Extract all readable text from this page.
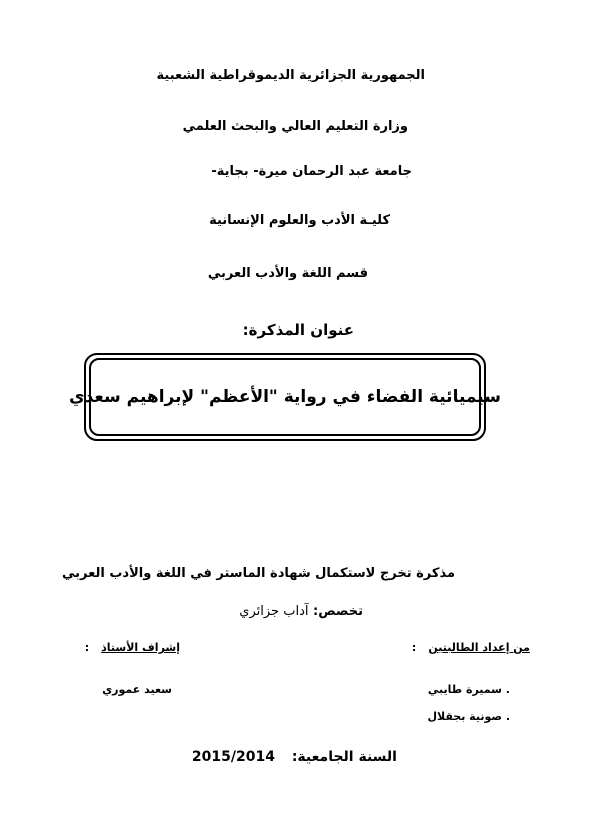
الجمهورية الجزائرية الديموقراطية الشعبية
وزارة التعليم العالي والبحث العلمي
جامعة عبد الرحمان ميرة- بجاية-
كليـة الأدب والعلوم الإنسانية
قسم اللغة والأدب العربي
عنوان المذكرة:
سيميائية الفضاء في رواية "الأعظم" لإبراهيم سعدي
مذكرة تخرج لاستكمال شهادة الماستر في اللغة والأدب العربي
تخصص: آداب جزائري
من إعداد الطالبتين:
إشراف الأستاذ:
. سميرة طايبي
. صونية بجقلال
سعيد عموري
السنة الجامعية: 2015/2014
